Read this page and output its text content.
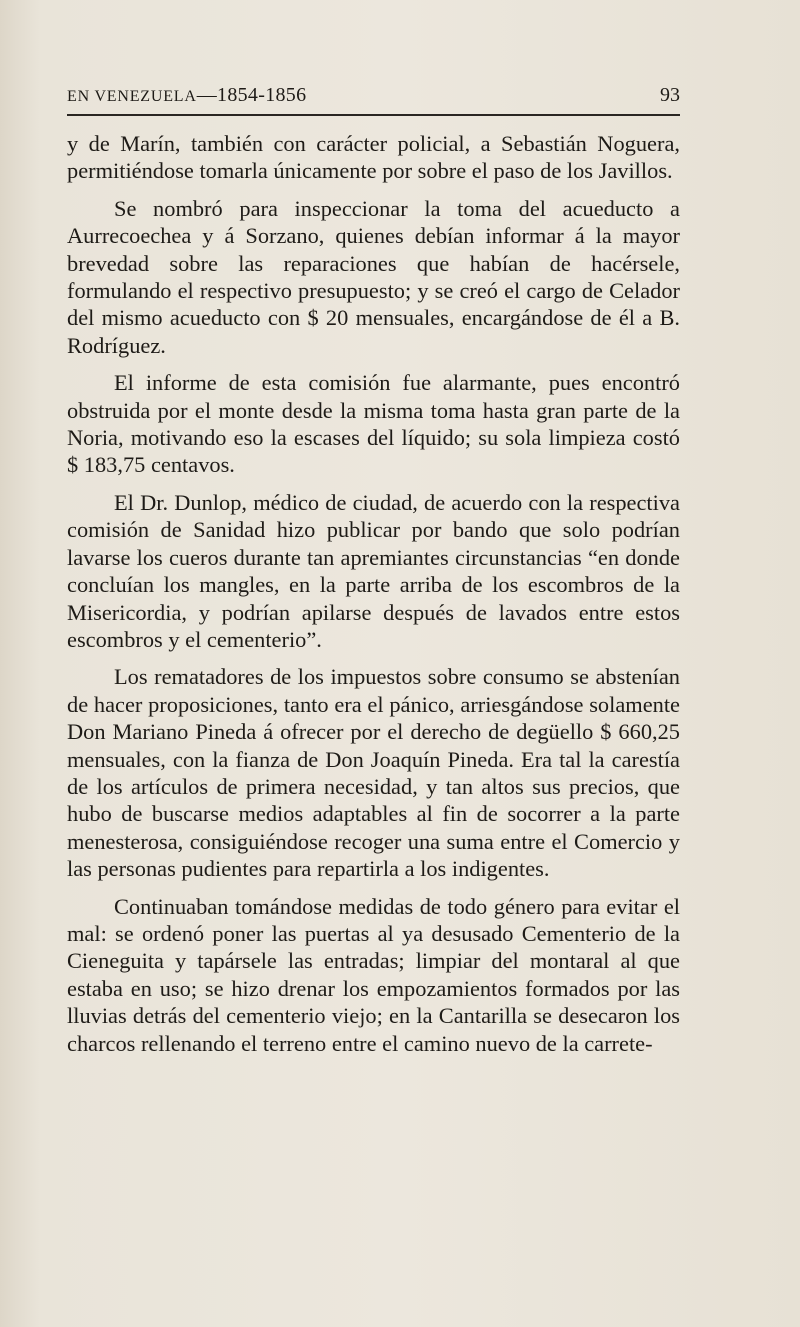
EN VENEZUELA—1854-1856	93

y de Marín, también con carácter policial, a Sebastián Noguera, permitiéndose tomarla únicamente por sobre el paso de los Javillos.

Se nombró para inspeccionar la toma del acueducto a Aurrecoechea y á Sorzano, quienes debían informar á la mayor brevedad sobre las reparaciones que habían de hacérsele, formulando el respectivo presupuesto; y se creó el cargo de Celador del mismo acueducto con $ 20 mensuales, encargándose de él a B. Rodríguez.

El informe de esta comisión fue alarmante, pues encontró obstruida por el monte desde la misma toma hasta gran parte de la Noria, motivando eso la escases del líquido; su sola limpieza costó $ 183,75 centavos.

El Dr. Dunlop, médico de ciudad, de acuerdo con la respectiva comisión de Sanidad hizo publicar por bando que solo podrían lavarse los cueros durante tan apremiantes circunstancias “en donde concluían los mangles, en la parte arriba de los escombros de la Misericordia, y podrían apilarse después de lavados entre estos escombros y el cementerio”.

Los rematadores de los impuestos sobre consumo se abstenían de hacer proposiciones, tanto era el pánico, arriesgándose solamente Don Mariano Pineda á ofrecer por el derecho de degüello $ 660,25 mensuales, con la fianza de Don Joaquín Pineda. Era tal la carestía de los artículos de primera necesidad, y tan altos sus precios, que hubo de buscarse medios adaptables al fin de socorrer a la parte menesterosa, consiguiéndose recoger una suma entre el Comercio y las personas pudientes para repartirla a los indigentes.

Continuaban tomándose medidas de todo género para evitar el mal: se ordenó poner las puertas al ya desusado Cementerio de la Cieneguita y tapársele las entradas; limpiar del montaral al que estaba en uso; se hizo drenar los empozamientos formados por las lluvias detrás del cementerio viejo; en la Cantarilla se desecaron los charcos rellenando el terreno entre el camino nuevo de la carrete-
